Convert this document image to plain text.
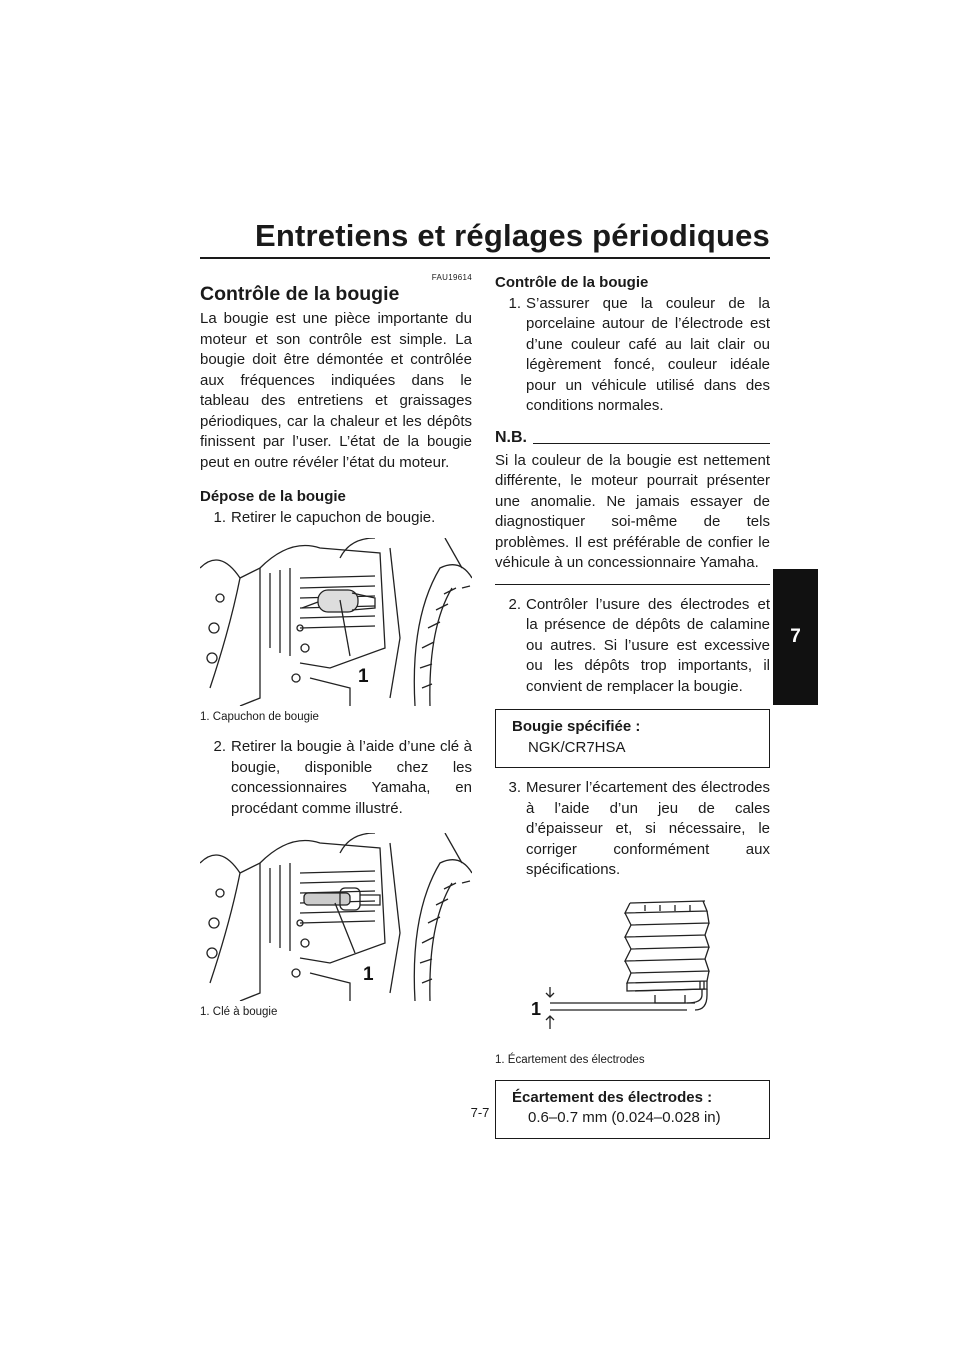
Entretiens et réglages périodiques
7
FAU19614
Contrôle de la bougie

La bougie est une pièce importante du moteur et son contrôle est simple. La bougie doit être démontée et contrôlée aux fréquences indiquées dans le tableau des entretiens et graissages périodiques, car la chaleur et les dépôts finissent par l’user. L’état de la bougie peut en outre révéler l’état du moteur.

Dépose de la bougie

1. Retirer le capuchon de bougie.
1
1. Capuchon de bougie
2. Retirer la bougie à l’aide d’une clé à bougie, disponible chez les concessionnaires Yamaha, en procédant comme illustré.
1
1. Clé à bougie

Contrôle de la bougie

1. S’assurer que la couleur de la porcelaine autour de l’électrode est d’une couleur café au lait clair ou légèrement foncé, couleur idéale pour un véhicule utilisé dans des conditions normales.
N.B.

Si la couleur de la bougie est nettement différente, le moteur pourrait présenter une anomalie. Ne jamais essayer de diagnostiquer soi-même de tels problèmes. Il est préférable de confier le véhicule à un concessionnaire Yamaha.

2. Contrôler l’usure des électrodes et la présence de dépôts de calamine ou autres. Si l’usure est excessive ou les dépôts trop importants, il convient de remplacer la bougie.
Bougie spécifiée :
NGK/CR7HSA
3. Mesurer l’écartement des électrodes à l’aide d’un jeu de cales d’épaisseur et, si nécessaire, le corriger conformément aux spécifications.
1
1. Écartement des électrodes
Écartement des électrodes :
0.6–0.7 mm (0.024–0.028 in)
7-7
